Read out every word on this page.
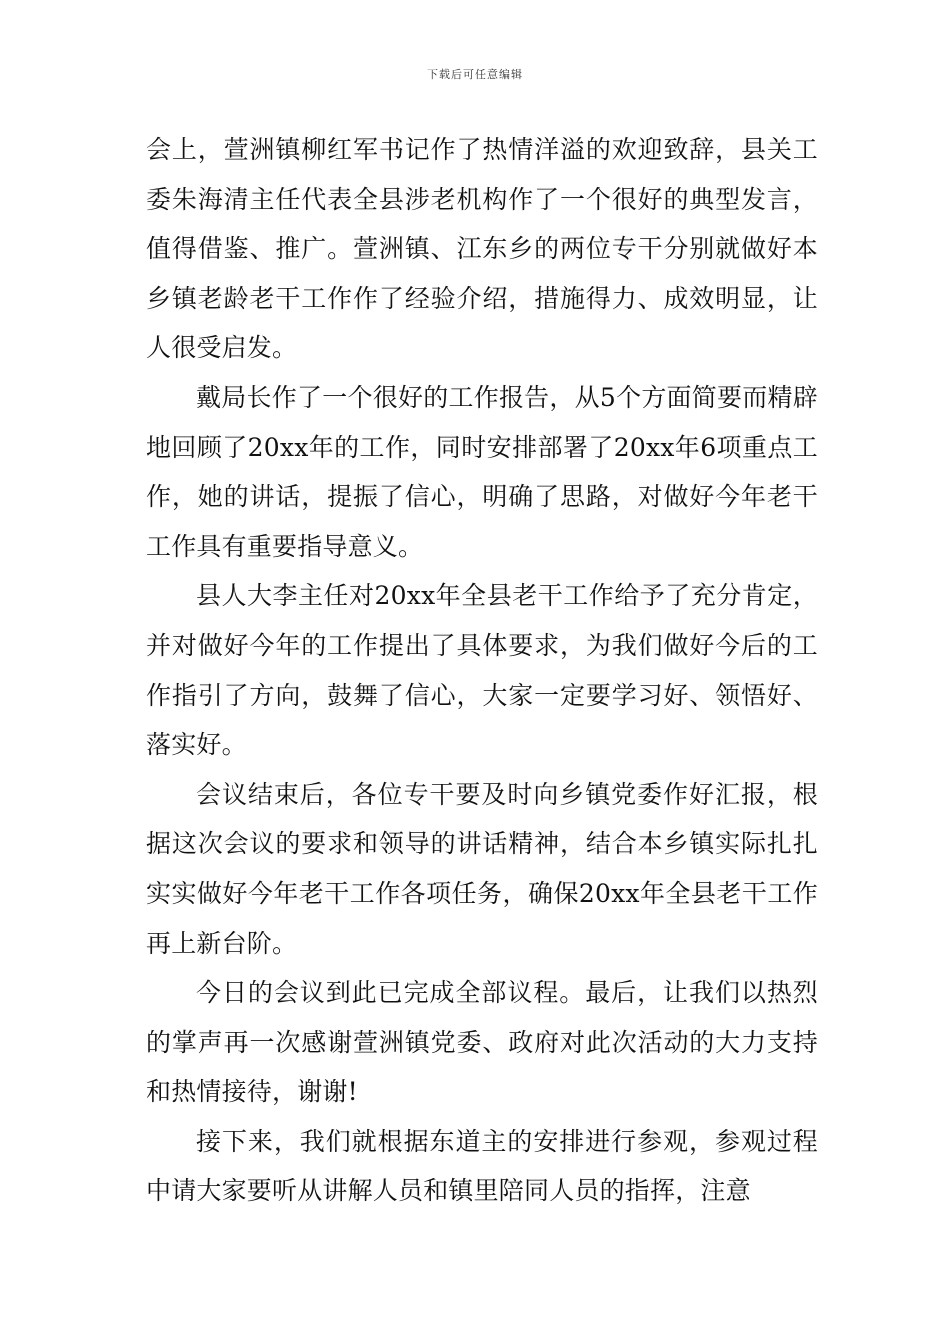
下载后可任意编辑

会上，萱洲镇柳红军书记作了热情洋溢的欢迎致辞，县关工委朱海清主任代表全县涉老机构作了一个很好的典型发言，值得借鉴、推广。萱洲镇、江东乡的两位专干分别就做好本乡镇老龄老干工作作了经验介绍，措施得力、成效明显，让人很受启发。

戴局长作了一个很好的工作报告，从5个方面简要而精辟地回顾了20xx年的工作，同时安排部署了20xx年6项重点工作，她的讲话，提振了信心，明确了思路，对做好今年老干工作具有重要指导意义。

县人大李主任对20xx年全县老干工作给予了充分肯定，并对做好今年的工作提出了具体要求，为我们做好今后的工作指引了方向，鼓舞了信心，大家一定要学习好、领悟好、落实好。

会议结束后，各位专干要及时向乡镇党委作好汇报，根据这次会议的要求和领导的讲话精神，结合本乡镇实际扎扎实实做好今年老干工作各项任务，确保20xx年全县老干工作再上新台阶。

今日的会议到此已完成全部议程。最后，让我们以热烈的掌声再一次感谢萱洲镇党委、政府对此次活动的大力支持和热情接待，谢谢!

接下来，我们就根据东道主的安排进行参观，参观过程中请大家要听从讲解人员和镇里陪同人员的指挥，注意
